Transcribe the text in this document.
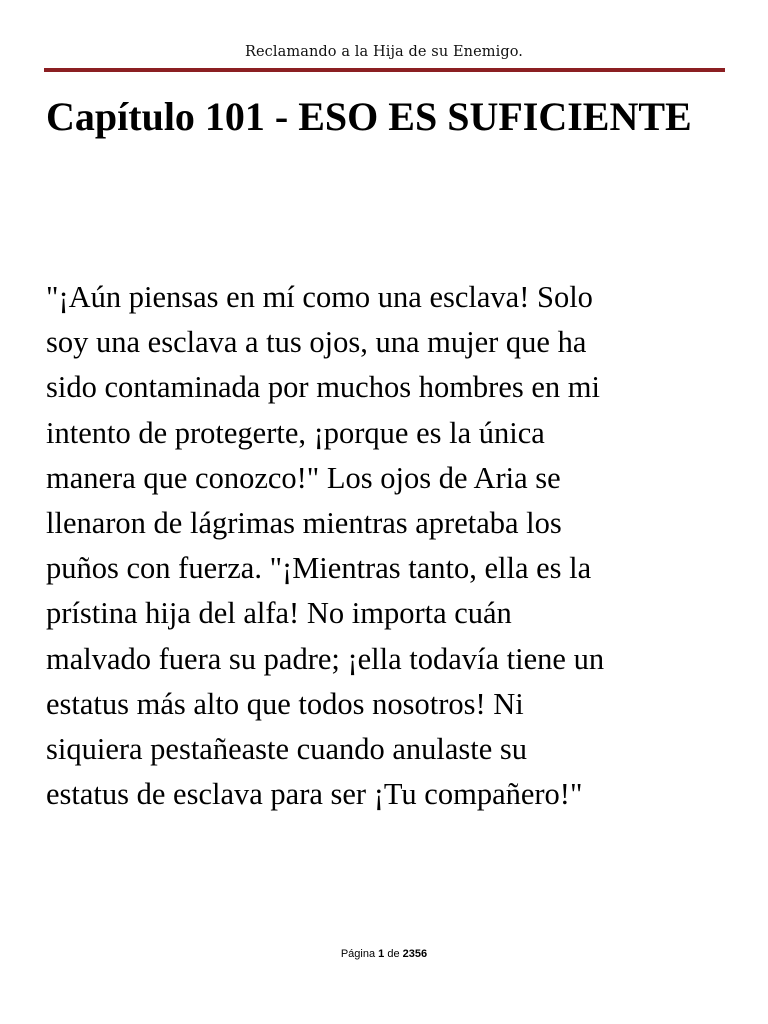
Reclamando a la Hija de su Enemigo.
Capítulo 101 - ESO ES SUFICIENTE

"¡Aún piensas en mí como una esclava! Solo
soy una esclava a tus ojos, una mujer que ha
sido contaminada por muchos hombres en mi
intento de protegerte, ¡porque es la única
manera que conozco!" Los ojos de Aria se
llenaron de lágrimas mientras apretaba los
puños con fuerza. "¡Mientras tanto, ella es la
prístina hija del alfa! No importa cuán
malvado fuera su padre; ¡ella todavía tiene un
estatus más alto que todos nosotros! Ni
siquiera pestañeaste cuando anulaste su
estatus de esclava para ser ¡Tu compañero!"

Página 1 de 2356
